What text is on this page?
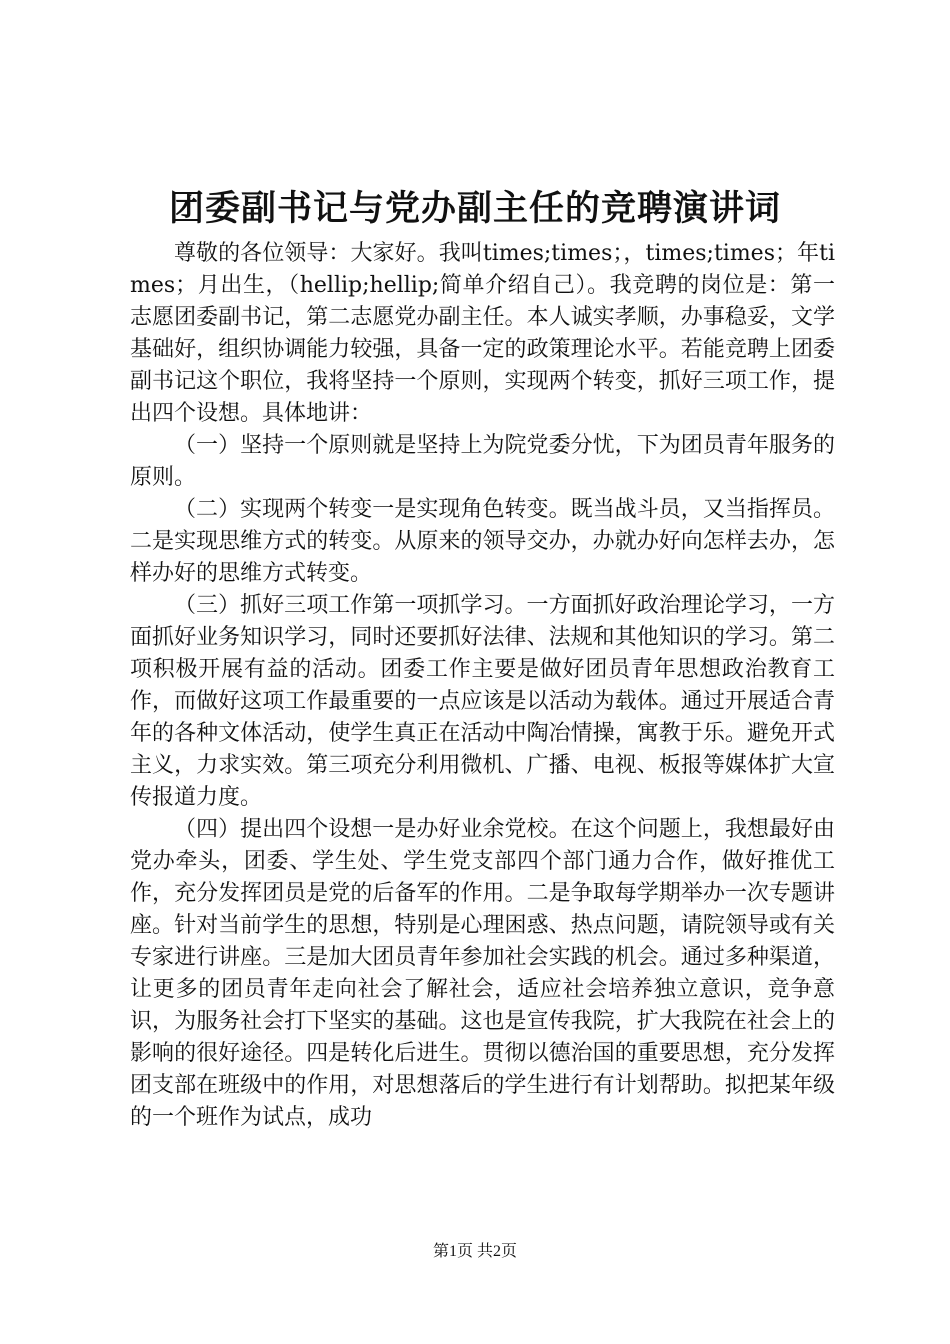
团委副书记与党办副主任的竞聘演讲词

尊敬的各位领导：大家好。我叫times;times；，times;times；年times；月出生，（hellip;hellip;简单介绍自己）。我竞聘的岗位是：第一志愿团委副书记，第二志愿党办副主任。本人诚实孝顺，办事稳妥，文学基础好，组织协调能力较强，具备一定的政策理论水平。若能竞聘上团委副书记这个职位，我将坚持一个原则，实现两个转变，抓好三项工作，提出四个设想。具体地讲：

（一）坚持一个原则就是坚持上为院党委分忧，下为团员青年服务的原则。

（二）实现两个转变一是实现角色转变。既当战斗员，又当指挥员。二是实现思维方式的转变。从原来的领导交办，办就办好向怎样去办，怎样办好的思维方式转变。

（三）抓好三项工作第一项抓学习。一方面抓好政治理论学习，一方面抓好业务知识学习，同时还要抓好法律、法规和其他知识的学习。第二项积极开展有益的活动。团委工作主要是做好团员青年思想政治教育工作，而做好这项工作最重要的一点应该是以活动为载体。通过开展适合青年的各种文体活动，使学生真正在活动中陶冶情操，寓教于乐。避免开式主义，力求实效。第三项充分利用微机、广播、电视、板报等媒体扩大宣传报道力度。

（四）提出四个设想一是办好业余党校。在这个问题上，我想最好由党办牵头，团委、学生处、学生党支部四个部门通力合作，做好推优工作，充分发挥团员是党的后备军的作用。二是争取每学期举办一次专题讲座。针对当前学生的思想，特别是心理困惑、热点问题，请院领导或有关专家进行讲座。三是加大团员青年参加社会实践的机会。通过多种渠道，让更多的团员青年走向社会了解社会，适应社会培养独立意识，竞争意识，为服务社会打下坚实的基础。这也是宣传我院，扩大我院在社会上的影响的很好途径。四是转化后进生。贯彻以德治国的重要思想，充分发挥团支部在班级中的作用，对思想落后的学生进行有计划帮助。拟把某年级的一个班作为试点，成功

第1页 共2页
